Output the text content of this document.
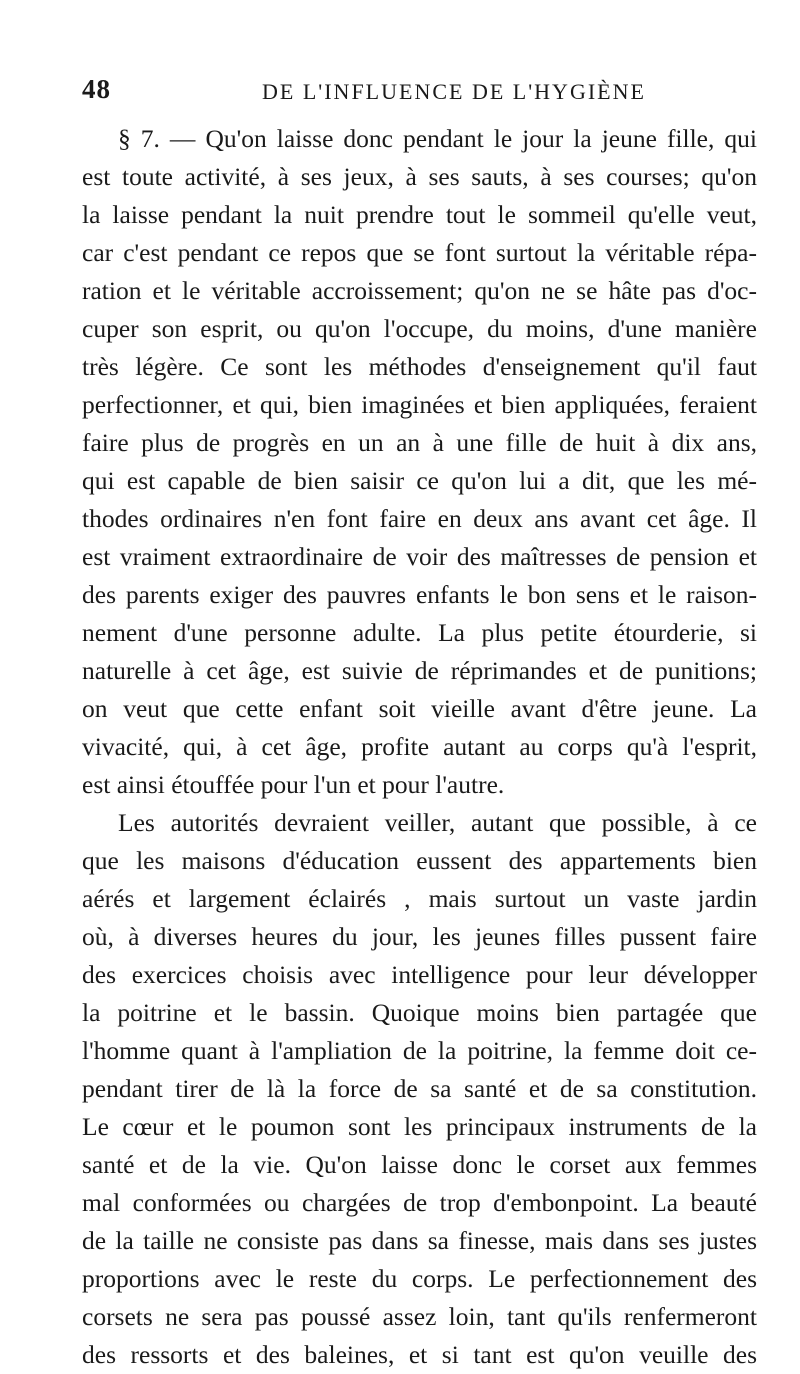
48	DE L'INFLUENCE DE L'HYGIÈNE
§ 7. — Qu'on laisse donc pendant le jour la jeune fille, qui
est toute activité, à ses jeux, à ses sauts, à ses courses; qu'on
la laisse pendant la nuit prendre tout le sommeil qu'elle veut,
car c'est pendant ce repos que se font surtout la véritable répa-
ration et le véritable accroissement; qu'on ne se hâte pas d'oc-
cuper son esprit, ou qu'on l'occupe, du moins, d'une manière
très légère. Ce sont les méthodes d'enseignement qu'il faut
perfectionner, et qui, bien imaginées et bien appliquées, feraient
faire plus de progrès en un an à une fille de huit à dix ans,
qui est capable de bien saisir ce qu'on lui a dit, que les mé-
thodes ordinaires n'en font faire en deux ans avant cet âge. Il
est vraiment extraordinaire de voir des maîtresses de pension et
des parents exiger des pauvres enfants le bon sens et le raison-
nement d'une personne adulte. La plus petite étourderie, si
naturelle à cet âge, est suivie de réprimandes et de punitions;
on veut que cette enfant soit vieille avant d'être jeune. La
vivacité, qui, à cet âge, profite autant au corps qu'à l'esprit,
est ainsi étouffée pour l'un et pour l'autre.
Les autorités devraient veiller, autant que possible, à ce
que les maisons d'éducation eussent des appartements bien
aérés et largement éclairés , mais surtout un vaste jardin
où, à diverses heures du jour, les jeunes filles pussent faire
des exercices choisis avec intelligence pour leur développer
la poitrine et le bassin. Quoique moins bien partagée que
l'homme quant à l'ampliation de la poitrine, la femme doit ce-
pendant tirer de là la force de sa santé et de sa constitution.
Le cœur et le poumon sont les principaux instruments de la
santé et de la vie. Qu'on laisse donc le corset aux femmes
mal conformées ou chargées de trop d'embonpoint. La beauté
de la taille ne consiste pas dans sa finesse, mais dans ses justes
proportions avec le reste du corps. Le perfectionnement des
corsets ne sera pas poussé assez loin, tant qu'ils renfermeront
des ressorts et des baleines, et si tant est qu'on veuille des
